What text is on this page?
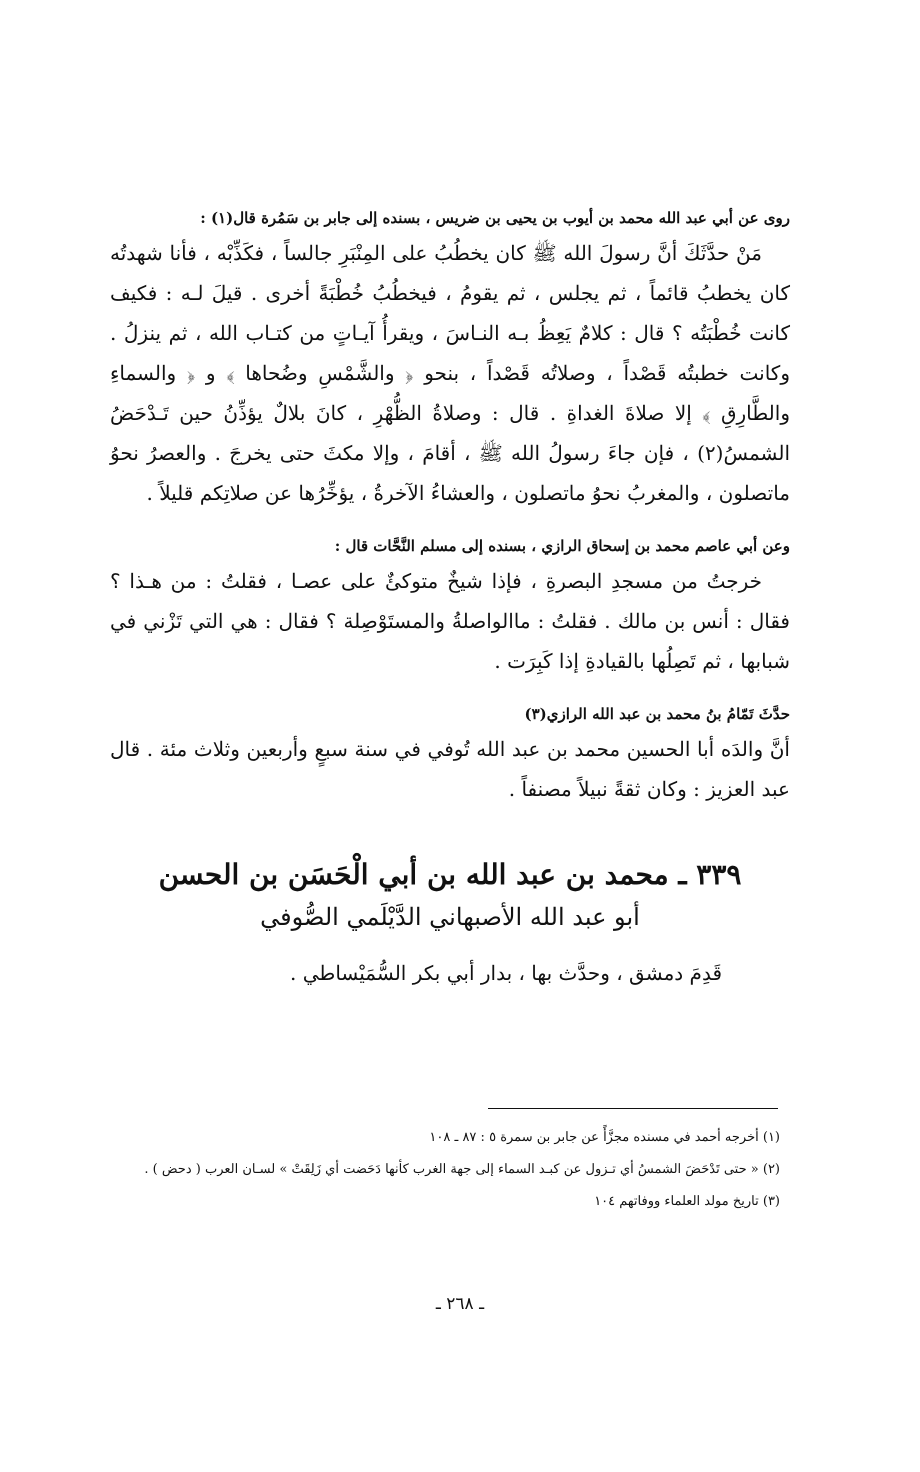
روى عن أبي عبد الله محمد بن أيوب بن يحيى بن ضريس ، بسنده إلى جابر بن سَمُرة قال(١) :

مَنْ حدَّثَكَ أنَّ رسولَ الله ﷺ كان يخطُبُ على المِنْبَرِ جالساً ، فكَذِّبْه ، فأنا شهدتُه كان يخطبُ قائماً ، ثم يجلس ، ثم يقومُ ، فيخطُبُ خُطْبَةً أخرى . قيلَ لـه : فكيف كانت خُطْبَتُه ؟ قال : كلامٌ يَعِظُ بـه النـاسَ ، ويقرأُ آيـاتٍ من كتـاب الله ، ثم ينزلُ . وكانت خطبتُه قَصْداً ، وصلاتُه قَصْداً ، بنحو ﴿ والشَّمْسِ وضُحاها ﴾ و ﴿ والسماءِ والطَّارِقِ ﴾ إلا صلاةَ الغداةِ . قال : وصلاةُ الظُّهْرِ ، كانَ بلالٌ يؤذِّنُ حين تَـدْحَضُ الشمسُ(٢) ، فإن جاءَ رسولُ الله ﷺ ، أقامَ ، وإلا مكثَ حتى يخرجَ . والعصرُ نحوُ ماتصلون ، والمغربُ نحوُ ماتصلون ، والعشاءُ الآخرةُ ، يؤخِّرُها عن صلاتِكم قليلاً .

وعن أبي عاصم محمد بن إسحاق الرازي ، بسنده إلى مسلم النَّحَّات قال :

خرجتُ من مسجدِ البصرةِ ، فإذا شيخٌ متوكئٌ على عصـا ، فقلتُ : من هـذا ؟ فقال : أنس بن مالك . فقلتُ : ماالواصلةُ والمستَوْصِلة ؟ فقال : هي التي تَزْني في شبابها ، ثم تَصِلُها بالقيادةِ إذا كَبِرَت .

حدَّثَ تَمّامُ بنُ محمد بن عبد الله الرازي(٣)

أنَّ والدَه أبا الحسين محمد بن عبد الله تُوفي في سنة سبعٍ وأربعين وثلاث مئة . قال عبد العزيز : وكان ثقةً نبيلاً مصنفاً .

٣٣٩ ـ محمد بن عبد الله بن أبي الْحَسَن بن الحسن
أبو عبد الله الأصبهاني الدَّيْلَمي الصُّوفي

قَدِمَ دمشق ، وحدَّث بها ، بدار أبي بكر السُّمَيْساطي .

(١) أخرجه أحمد في مسنده مجزَّأً عن جابر بن سمرة ٥ : ٨٧ ـ ١٠٨

(٢) « حتى تَدْحَضَ الشمسُ أي تـزول عن كبـد السماء إلى جهة الغرب كأنها دَحَضت أي زَلِقَتْ » لسـان العرب ( دحض ) .

(٣) تاريخ مولد العلماء ووفاتهم ١٠٤

ـ ٢٦٨ ـ
